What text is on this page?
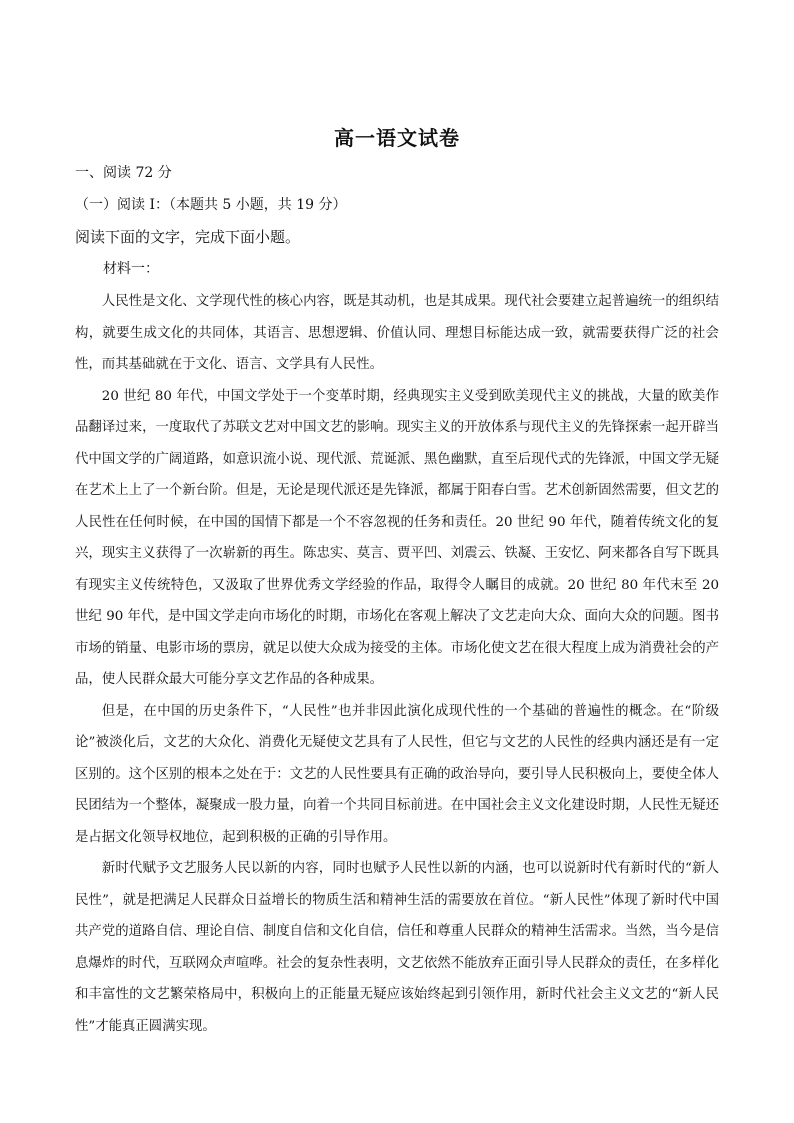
高一语文试卷
一、阅读 72 分
（一）阅读 I：（本题共 5 小题，共 19 分）
阅读下面的文字，完成下面小题。
材料一：

人民性是文化、文学现代性的核心内容，既是其动机，也是其成果。现代社会要建立起普遍统一的组织结构，就要生成文化的共同体，其语言、思想逻辑、价值认同、理想目标能达成一致，就需要获得广泛的社会性，而其基础就在于文化、语言、文学具有人民性。

20 世纪 80 年代，中国文学处于一个变革时期，经典现实主义受到欧美现代主义的挑战，大量的欧美作品翻译过来，一度取代了苏联文艺对中国文艺的影响。现实主义的开放体系与现代主义的先锋探索一起开辟当代中国文学的广阔道路，如意识流小说、现代派、荒诞派、黑色幽默，直至后现代式的先锋派，中国文学无疑在艺术上上了一个新台阶。但是，无论是现代派还是先锋派，都属于阳春白雪。艺术创新固然需要，但文艺的人民性在任何时候，在中国的国情下都是一个不容忽视的任务和责任。20 世纪 90 年代，随着传统文化的复兴，现实主义获得了一次崭新的再生。陈忠实、莫言、贾平凹、刘震云、铁凝、王安忆、阿来都各自写下既具有现实主义传统特色，又汲取了世界优秀文学经验的作品，取得令人瞩目的成就。20 世纪 80 年代末至 20 世纪 90 年代，是中国文学走向市场化的时期，市场化在客观上解决了文艺走向大众、面向大众的问题。图书市场的销量、电影市场的票房，就足以使大众成为接受的主体。市场化使文艺在很大程度上成为消费社会的产品，使人民群众最大可能分享文艺作品的各种成果。

但是，在中国的历史条件下，“人民性”也并非因此演化成现代性的一个基础的普遍性的概念。在“阶级论”被淡化后，文艺的大众化、消费化无疑使文艺具有了人民性，但它与文艺的人民性的经典内涵还是有一定区别的。这个区别的根本之处在于：文艺的人民性要具有正确的政治导向，要引导人民积极向上，要使全体人民团结为一个整体，凝聚成一股力量，向着一个共同目标前进。在中国社会主义文化建设时期，人民性无疑还是占据文化领导权地位，起到积极的正确的引导作用。

新时代赋予文艺服务人民以新的内容，同时也赋予人民性以新的内涵，也可以说新时代有新时代的“新人民性”，就是把满足人民群众日益增长的物质生活和精神生活的需要放在首位。“新人民性”体现了新时代中国共产党的道路自信、理论自信、制度自信和文化自信，信任和尊重人民群众的精神生活需求。当然，当今是信息爆炸的时代，互联网众声喧哗。社会的复杂性表明，文艺依然不能放弃正面引导人民群众的责任，在多样化和丰富性的文艺繁荣格局中，积极向上的正能量无疑应该始终起到引领作用，新时代社会主义文艺的“新人民性”才能真正圆满实现。
